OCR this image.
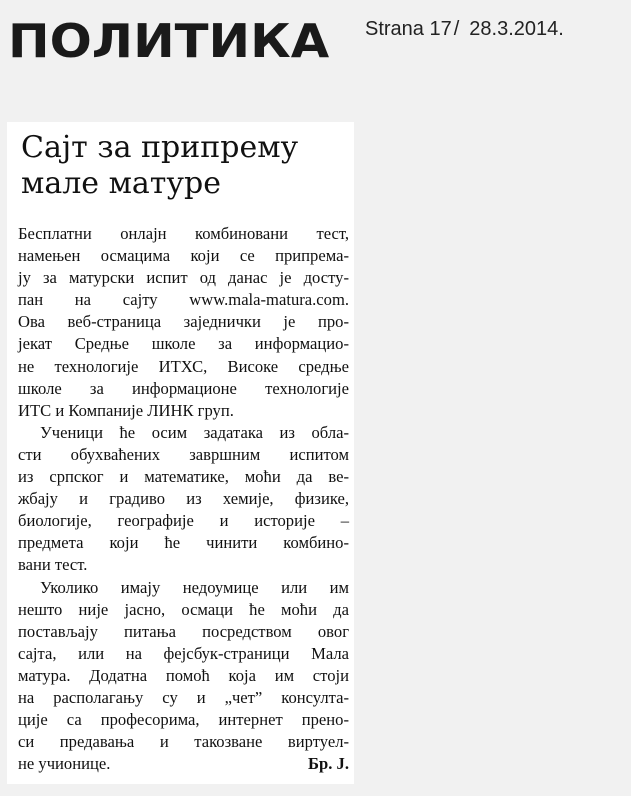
ПОЛИТИКА Strana 17 / 28.3.2014.
Сајт за припрему
мале матуре
Бесплатни онлајн комбиновани тест,
намењен осмацима који се припрема-
ју за матурски испит од данас је досту-
пан на сајту www.mala-matura.com.
Ова веб-страница заједнички је про-
јекат Средње школе за информацио-
не технологије ИТХС, Високе средње
школе за информационе технологије
ИТС и Компаније ЛИНК груп.
Ученици ће осим задатака из обла-
сти обухваћених завршним испитом
из српског и математике, моћи да ве-
жбају и градиво из хемије, физике,
биологије, географије и историје –
предмета који ће чинити комбино-
вани тест.
Уколико имају недоумице или им
нешто није јасно, осмаци ће моћи да
постављају питања посредством овог
сајта, или на фејсбук-страници Мала
матура. Додатна помоћ која им стоји
на располагању су и „чет” консулта-
ције са професорима, интернет прено-
си предавања и такозване виртуел-
не учионице.	Бр. Ј.
